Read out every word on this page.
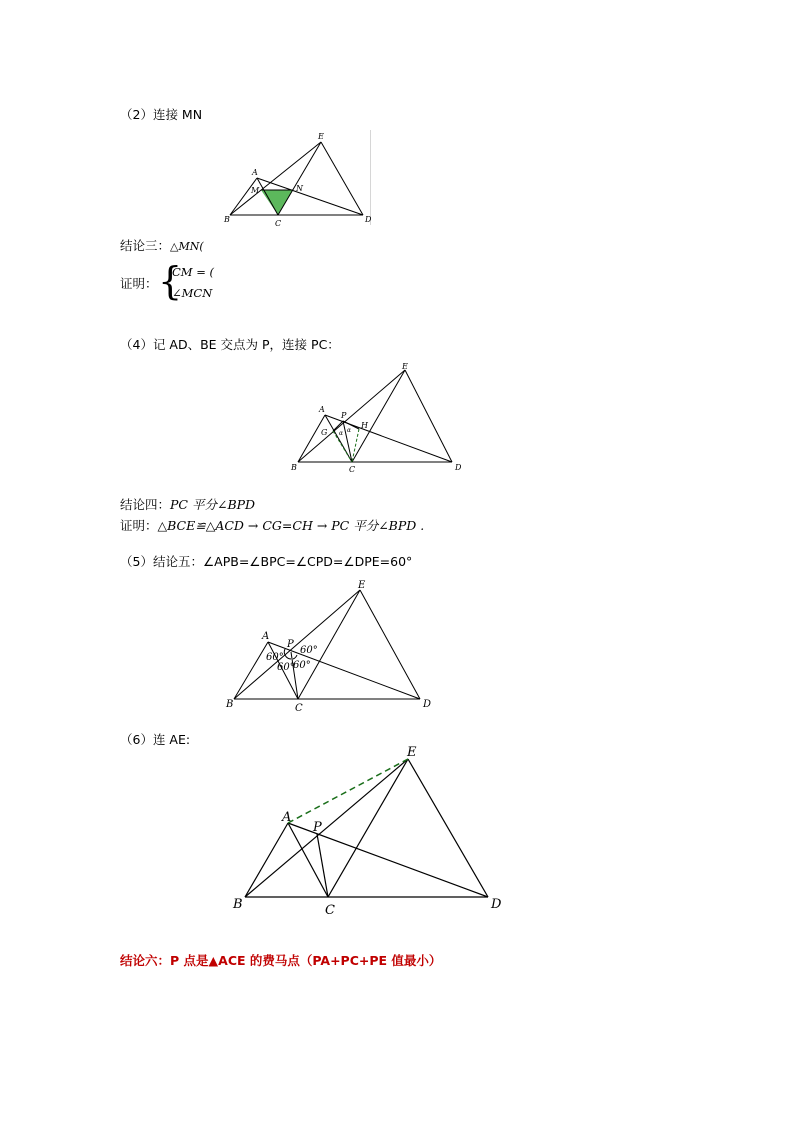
（2）连接 MN
E
A
M	N
B	C	D
结论三：△MN(
证明： {
CM = (
∠MCN
（4）记 AD、BE 交点为 P，连接 PC：
E
A
P
G
H
α α
B	C	D
结论四：PC 平分∠BPD
证明：△BCE≌△ACD → CG=CH → PC 平分∠BPD .
（5）结论五：∠APB=∠BPC=∠CPD=∠DPE=60°
E
A
P
B	C	D
60°
60°
60°
60°
（6）连 AE:
E
A
P
B	C	D
结论六：P 点是▲ACE 的费马点（PA+PC+PE 值最小）
